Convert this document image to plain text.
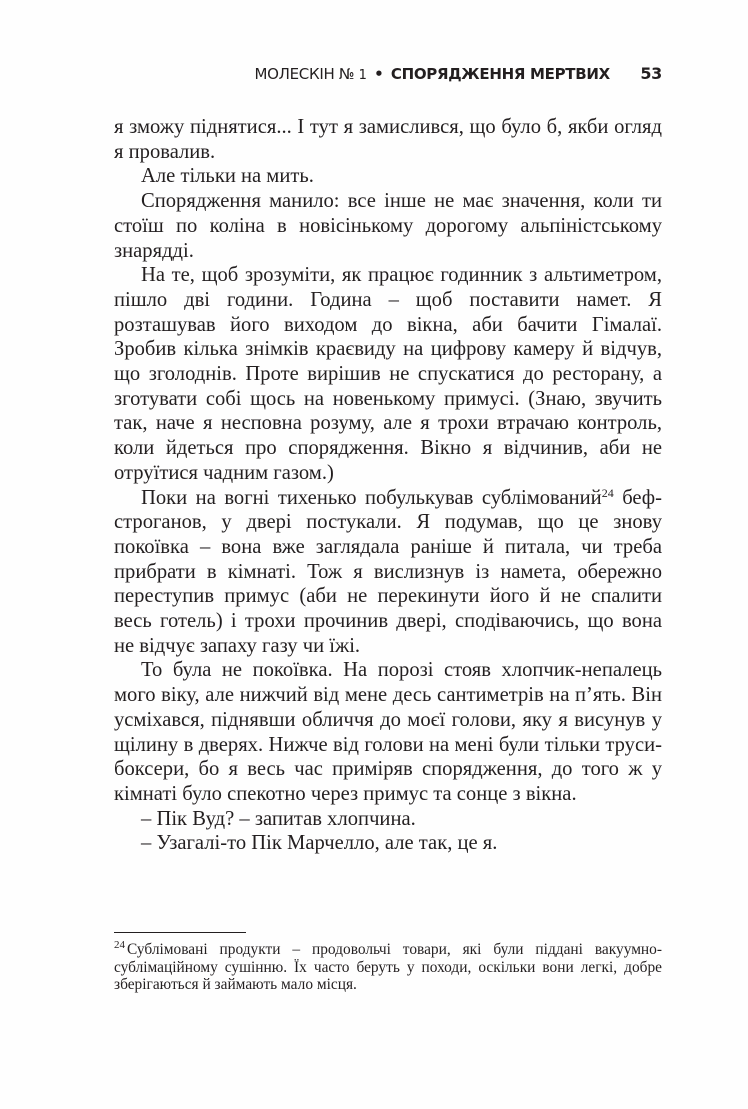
МОЛЕСКІН № 1 • СПОРЯДЖЕННЯ МЕРТВИХ 53

я зможу піднятися... І тут я замислився, що було б, якби огляд я провалив.

Але тільки на мить.

Спорядження манило: все інше не має значення, коли ти стоїш по коліна в новісінькому дорогому альпіністському знарядді.

На те, щоб зрозуміти, як працює годинник з альтиметром, пішло дві години. Година – щоб поставити намет. Я розташував його виходом до вікна, аби бачити Гімалаї. Зробив кілька знімків краєвиду на цифрову камеру й відчув, що зголоднів. Проте вирішив не спускатися до ресторану, а зготувати собі щось на новенькому примусі. (Знаю, звучить так, наче я несповна розуму, але я трохи втрачаю контроль, коли йдеться про спорядження. Вікно я відчинив, аби не отруїтися чадним газом.)

Поки на вогні тихенько побулькував сублімований$^{24}$ беф-строганов, у двері постукали. Я подумав, що це знову покоївка – вона вже заглядала раніше й питала, чи треба прибрати в кімнаті. Тож я вислизнув із намета, обережно переступив примус (аби не перекинути його й не спалити весь готель) і трохи прочинив двері, сподіваючись, що вона не відчує запаху газу чи їжі.

То була не покоївка. На порозі стояв хлопчик-непалець мого віку, але нижчий від мене десь сантиметрів на п’ять. Він усміхався, піднявши обличчя до моєї голови, яку я висунув у щілину в дверях. Нижче від голови на мені були тільки труси-боксери, бо я весь час приміряв спорядження, до того ж у кімнаті було спекотно через примус та сонце з вікна.

– Пік Вуд? – запитав хлопчина.

– Узагалі-то Пік Марчелло, але так, це я.

$^{24}$ Сублімовані продукти – продовольчі товари, які були піддані вакуумно-сублімаційному сушінню. Їх часто беруть у походи, оскільки вони легкі, добре зберігаються й займають мало місця.
